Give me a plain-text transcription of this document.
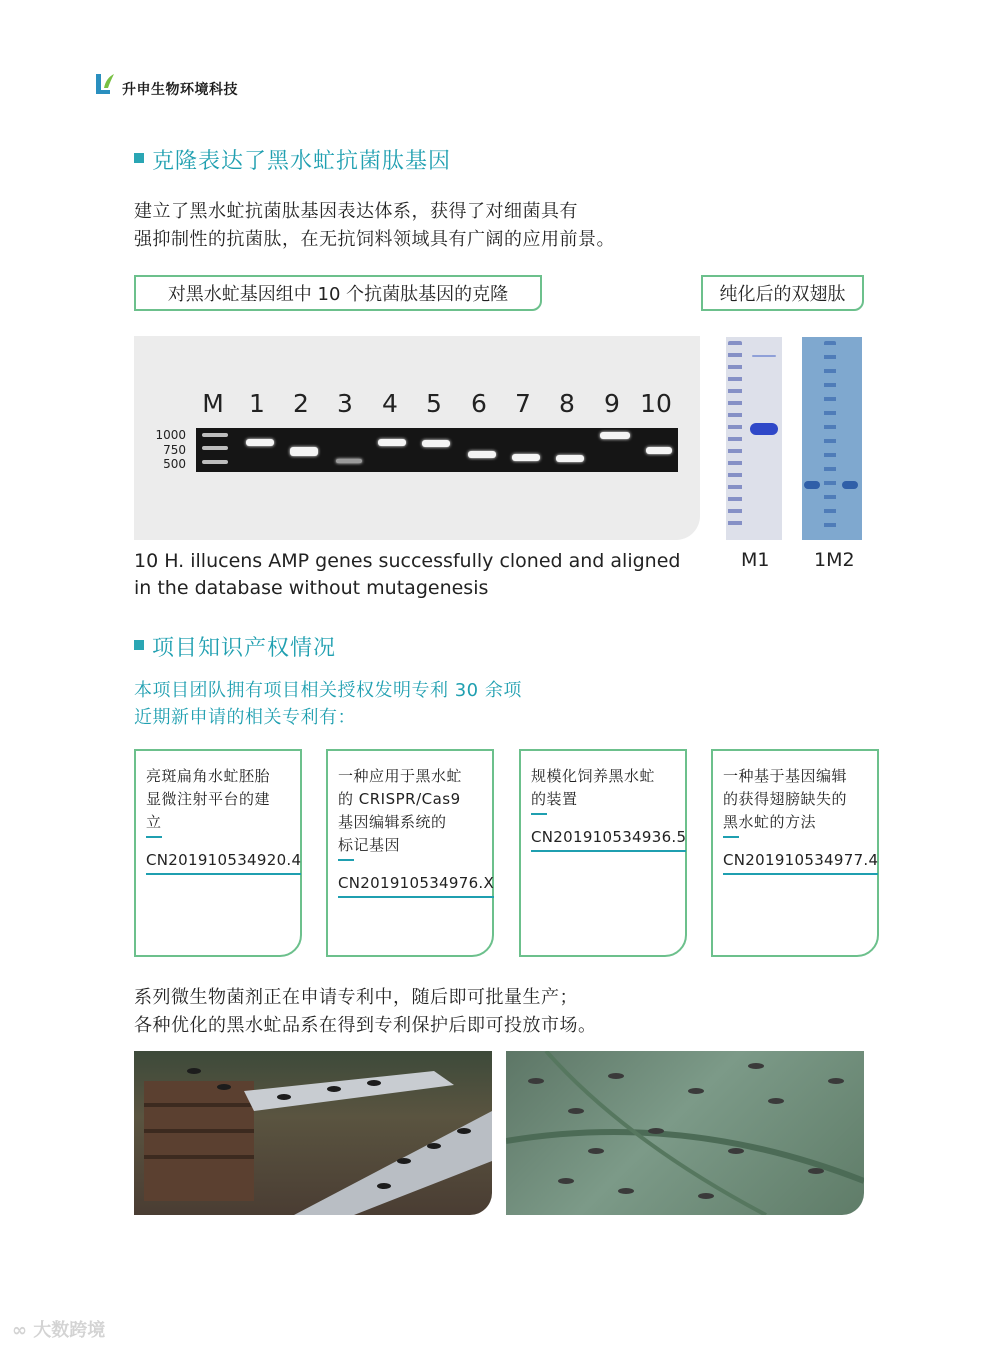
升申生物环境科技
克隆表达了黑水虻抗菌肽基因
建立了黑水虻抗菌肽基因表达体系，获得了对细菌具有
强抑制性的抗菌肽，在无抗饲料领域具有广阔的应用前景。
对黑水虻基因组中 10 个抗菌肽基因的克隆	纯化后的双翅肽
M	1	2	3	4	5	6	7	8	9 10
1000
750
500
10 H. illucens AMP genes successfully cloned and aligned
in the database without mutagenesis
M1 1M2
项目知识产权情况
本项目团队拥有项目相关授权发明专利 30 余项
近期新申请的相关专利有：
亮斑扁角水虻胚胎
显微注射平台的建
立
CN201910534920.4
一种应用于黑水虻
的 CRISPR/Cas9
基因编辑系统的
标记基因
CN201910534976.X
规模化饲养黑水虻
的装置
CN201910534936.5
一种基于基因编辑
的获得翅膀缺失的
黑水虻的方法
CN201910534977.4
系列微生物菌剂正在申请专利中，随后即可批量生产；
各种优化的黑水虻品系在得到专利保护后即可投放市场。
∞ 大数跨境
